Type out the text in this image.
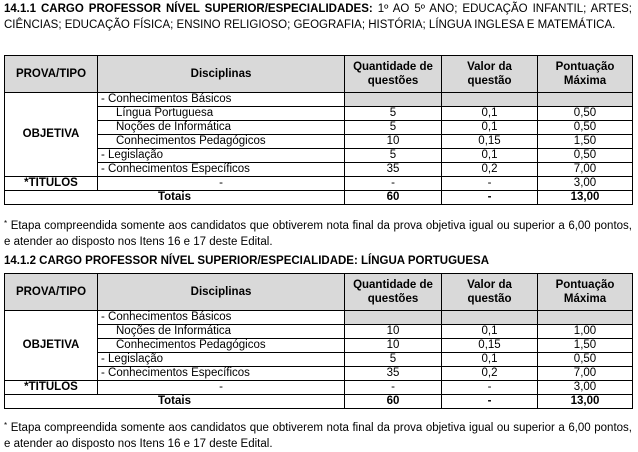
14.1.1 CARGO PROFESSOR NÍVEL SUPERIOR/ESPECIALIDADES: 1º AO 5º ANO; EDUCAÇÃO INFANTIL; ARTES; CIÊNCIAS; EDUCAÇÃO FÍSICA; ENSINO RELIGIOSO; GEOGRAFIA; HISTÓRIA; LÍNGUA INGLESA E MATEMÁTICA.
PROVA/TIPO	Disciplinas	Quantidade de questões	Valor da questão	Pontuação Máxima
OBJETIVA	- Conhecimentos Básicos			
	Língua Portuguesa	5	0,1	0,50
	Noções de Informática	5	0,1	0,50
	Conhecimentos Pedagógicos	10	0,15	1,50
	- Legislação	5	0,1	0,50
	- Conhecimentos Específicos	35	0,2	7,00
*TÍTULOS	-	-	-	3,00
Totais		60	-	13,00
* Etapa compreendida somente aos candidatos que obtiverem nota final da prova objetiva igual ou superior a 6,00 pontos, e atender ao disposto nos Itens 16 e 17 deste Edital.
14.1.2 CARGO PROFESSOR NÍVEL SUPERIOR/ESPECIALIDADE: LÍNGUA PORTUGUESA
PROVA/TIPO	Disciplinas	Quantidade de questões	Valor da questão	Pontuação Máxima
OBJETIVA	- Conhecimentos Básicos			
	Noções de Informática	10	0,1	1,00
	Conhecimentos Pedagógicos	10	0,15	1,50
	- Legislação	5	0,1	0,50
	- Conhecimentos Específicos	35	0,2	7,00
*TÍTULOS	-	-	-	3,00
Totais		60	-	13,00
* Etapa compreendida somente aos candidatos que obtiverem nota final da prova objetiva igual ou superior a 6,00 pontos, e atender ao disposto nos Itens 16 e 17 deste Edital.
